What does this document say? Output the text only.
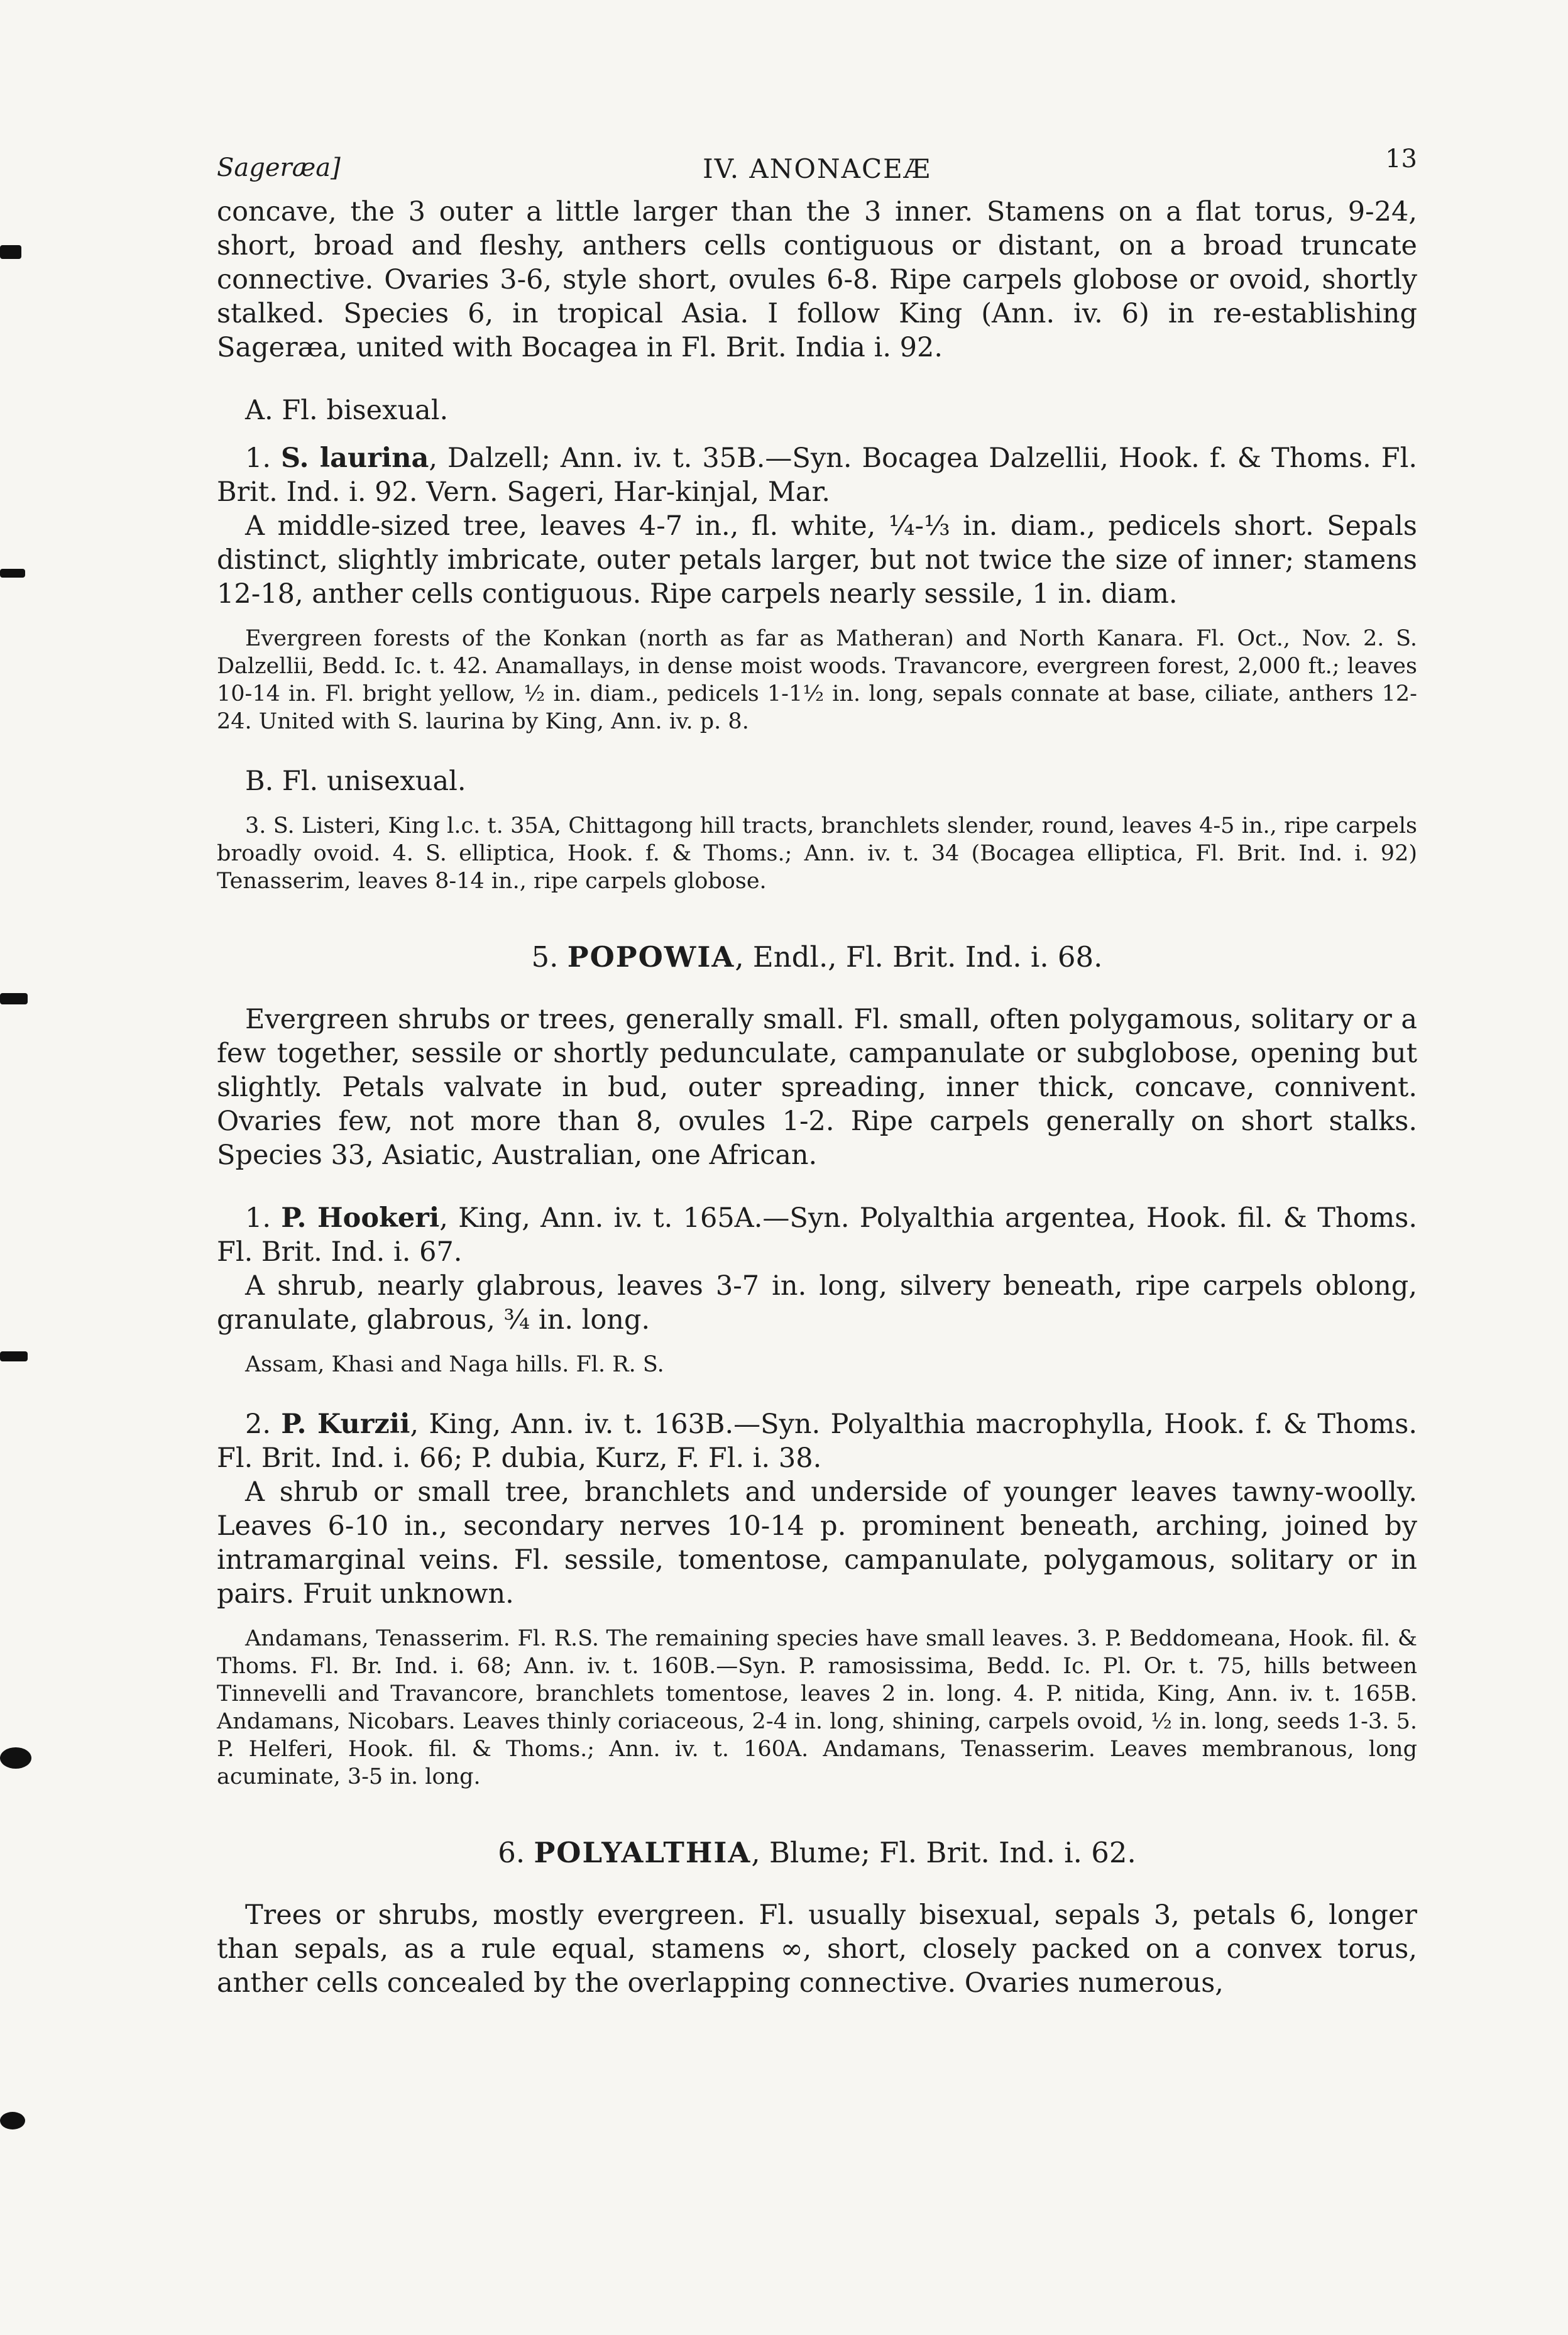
Sageræa]	IV. ANONACEÆ	13

concave, the 3 outer a little larger than the 3 inner. Stamens on a flat torus, 9-24, short, broad and fleshy, anthers cells contiguous or distant, on a broad truncate connective. Ovaries 3-6, style short, ovules 6-8. Ripe carpels globose or ovoid, shortly stalked. Species 6, in tropical Asia. I follow King (Ann. iv. 6) in re-establishing Sageræa, united with Bocagea in Fl. Brit. India i. 92.

A. Fl. bisexual.

1. S. laurina, Dalzell; Ann. iv. t. 35B.—Syn. Bocagea Dalzellii, Hook. f. & Thoms. Fl. Brit. Ind. i. 92. Vern. Sageri, Har-kinjal, Mar.

A middle-sized tree, leaves 4-7 in., fl. white, ¼-⅓ in. diam., pedicels short. Sepals distinct, slightly imbricate, outer petals larger, but not twice the size of inner; stamens 12-18, anther cells contiguous. Ripe carpels nearly sessile, 1 in. diam.

Evergreen forests of the Konkan (north as far as Matheran) and North Kanara. Fl. Oct., Nov. 2. S. Dalzellii, Bedd. Ic. t. 42. Anamallays, in dense moist woods. Travancore, evergreen forest, 2,000 ft.; leaves 10-14 in. Fl. bright yellow, ½ in. diam., pedicels 1-1½ in. long, sepals connate at base, ciliate, anthers 12-24. United with S. laurina by King, Ann. iv. p. 8.

B. Fl. unisexual.

3. S. Listeri, King l.c. t. 35A, Chittagong hill tracts, branchlets slender, round, leaves 4-5 in., ripe carpels broadly ovoid. 4. S. elliptica, Hook. f. & Thoms.; Ann. iv. t. 34 (Bocagea elliptica, Fl. Brit. Ind. i. 92) Tenasserim, leaves 8-14 in., ripe carpels globose.

5. POPOWIA, Endl., Fl. Brit. Ind. i. 68.

Evergreen shrubs or trees, generally small. Fl. small, often polygamous, solitary or a few together, sessile or shortly pedunculate, campanulate or subglobose, opening but slightly. Petals valvate in bud, outer spreading, inner thick, concave, connivent. Ovaries few, not more than 8, ovules 1-2. Ripe carpels generally on short stalks. Species 33, Asiatic, Australian, one African.

1. P. Hookeri, King, Ann. iv. t. 165A.—Syn. Polyalthia argentea, Hook. fil. & Thoms. Fl. Brit. Ind. i. 67.

A shrub, nearly glabrous, leaves 3-7 in. long, silvery beneath, ripe carpels oblong, granulate, glabrous, ¾ in. long.

Assam, Khasi and Naga hills. Fl. R. S.

2. P. Kurzii, King, Ann. iv. t. 163B.—Syn. Polyalthia macrophylla, Hook. f. & Thoms. Fl. Brit. Ind. i. 66; P. dubia, Kurz, F. Fl. i. 38.

A shrub or small tree, branchlets and underside of younger leaves tawny-woolly. Leaves 6-10 in., secondary nerves 10-14 p. prominent beneath, arching, joined by intramarginal veins. Fl. sessile, tomentose, campanulate, polygamous, solitary or in pairs. Fruit unknown.

Andamans, Tenasserim. Fl. R.S. The remaining species have small leaves. 3. P. Beddomeana, Hook. fil. & Thoms. Fl. Br. Ind. i. 68; Ann. iv. t. 160B.—Syn. P. ramosissima, Bedd. Ic. Pl. Or. t. 75, hills between Tinnevelli and Travancore, branchlets tomentose, leaves 2 in. long. 4. P. nitida, King, Ann. iv. t. 165B. Andamans, Nicobars. Leaves thinly coriaceous, 2-4 in. long, shining, carpels ovoid, ½ in. long, seeds 1-3. 5. P. Helferi, Hook. fil. & Thoms.; Ann. iv. t. 160A. Andamans, Tenasserim. Leaves membranous, long acuminate, 3-5 in. long.

6. POLYALTHIA, Blume; Fl. Brit. Ind. i. 62.

Trees or shrubs, mostly evergreen. Fl. usually bisexual, sepals 3, petals 6, longer than sepals, as a rule equal, stamens ∞, short, closely packed on a convex torus, anther cells concealed by the overlapping connective. Ovaries numerous,
